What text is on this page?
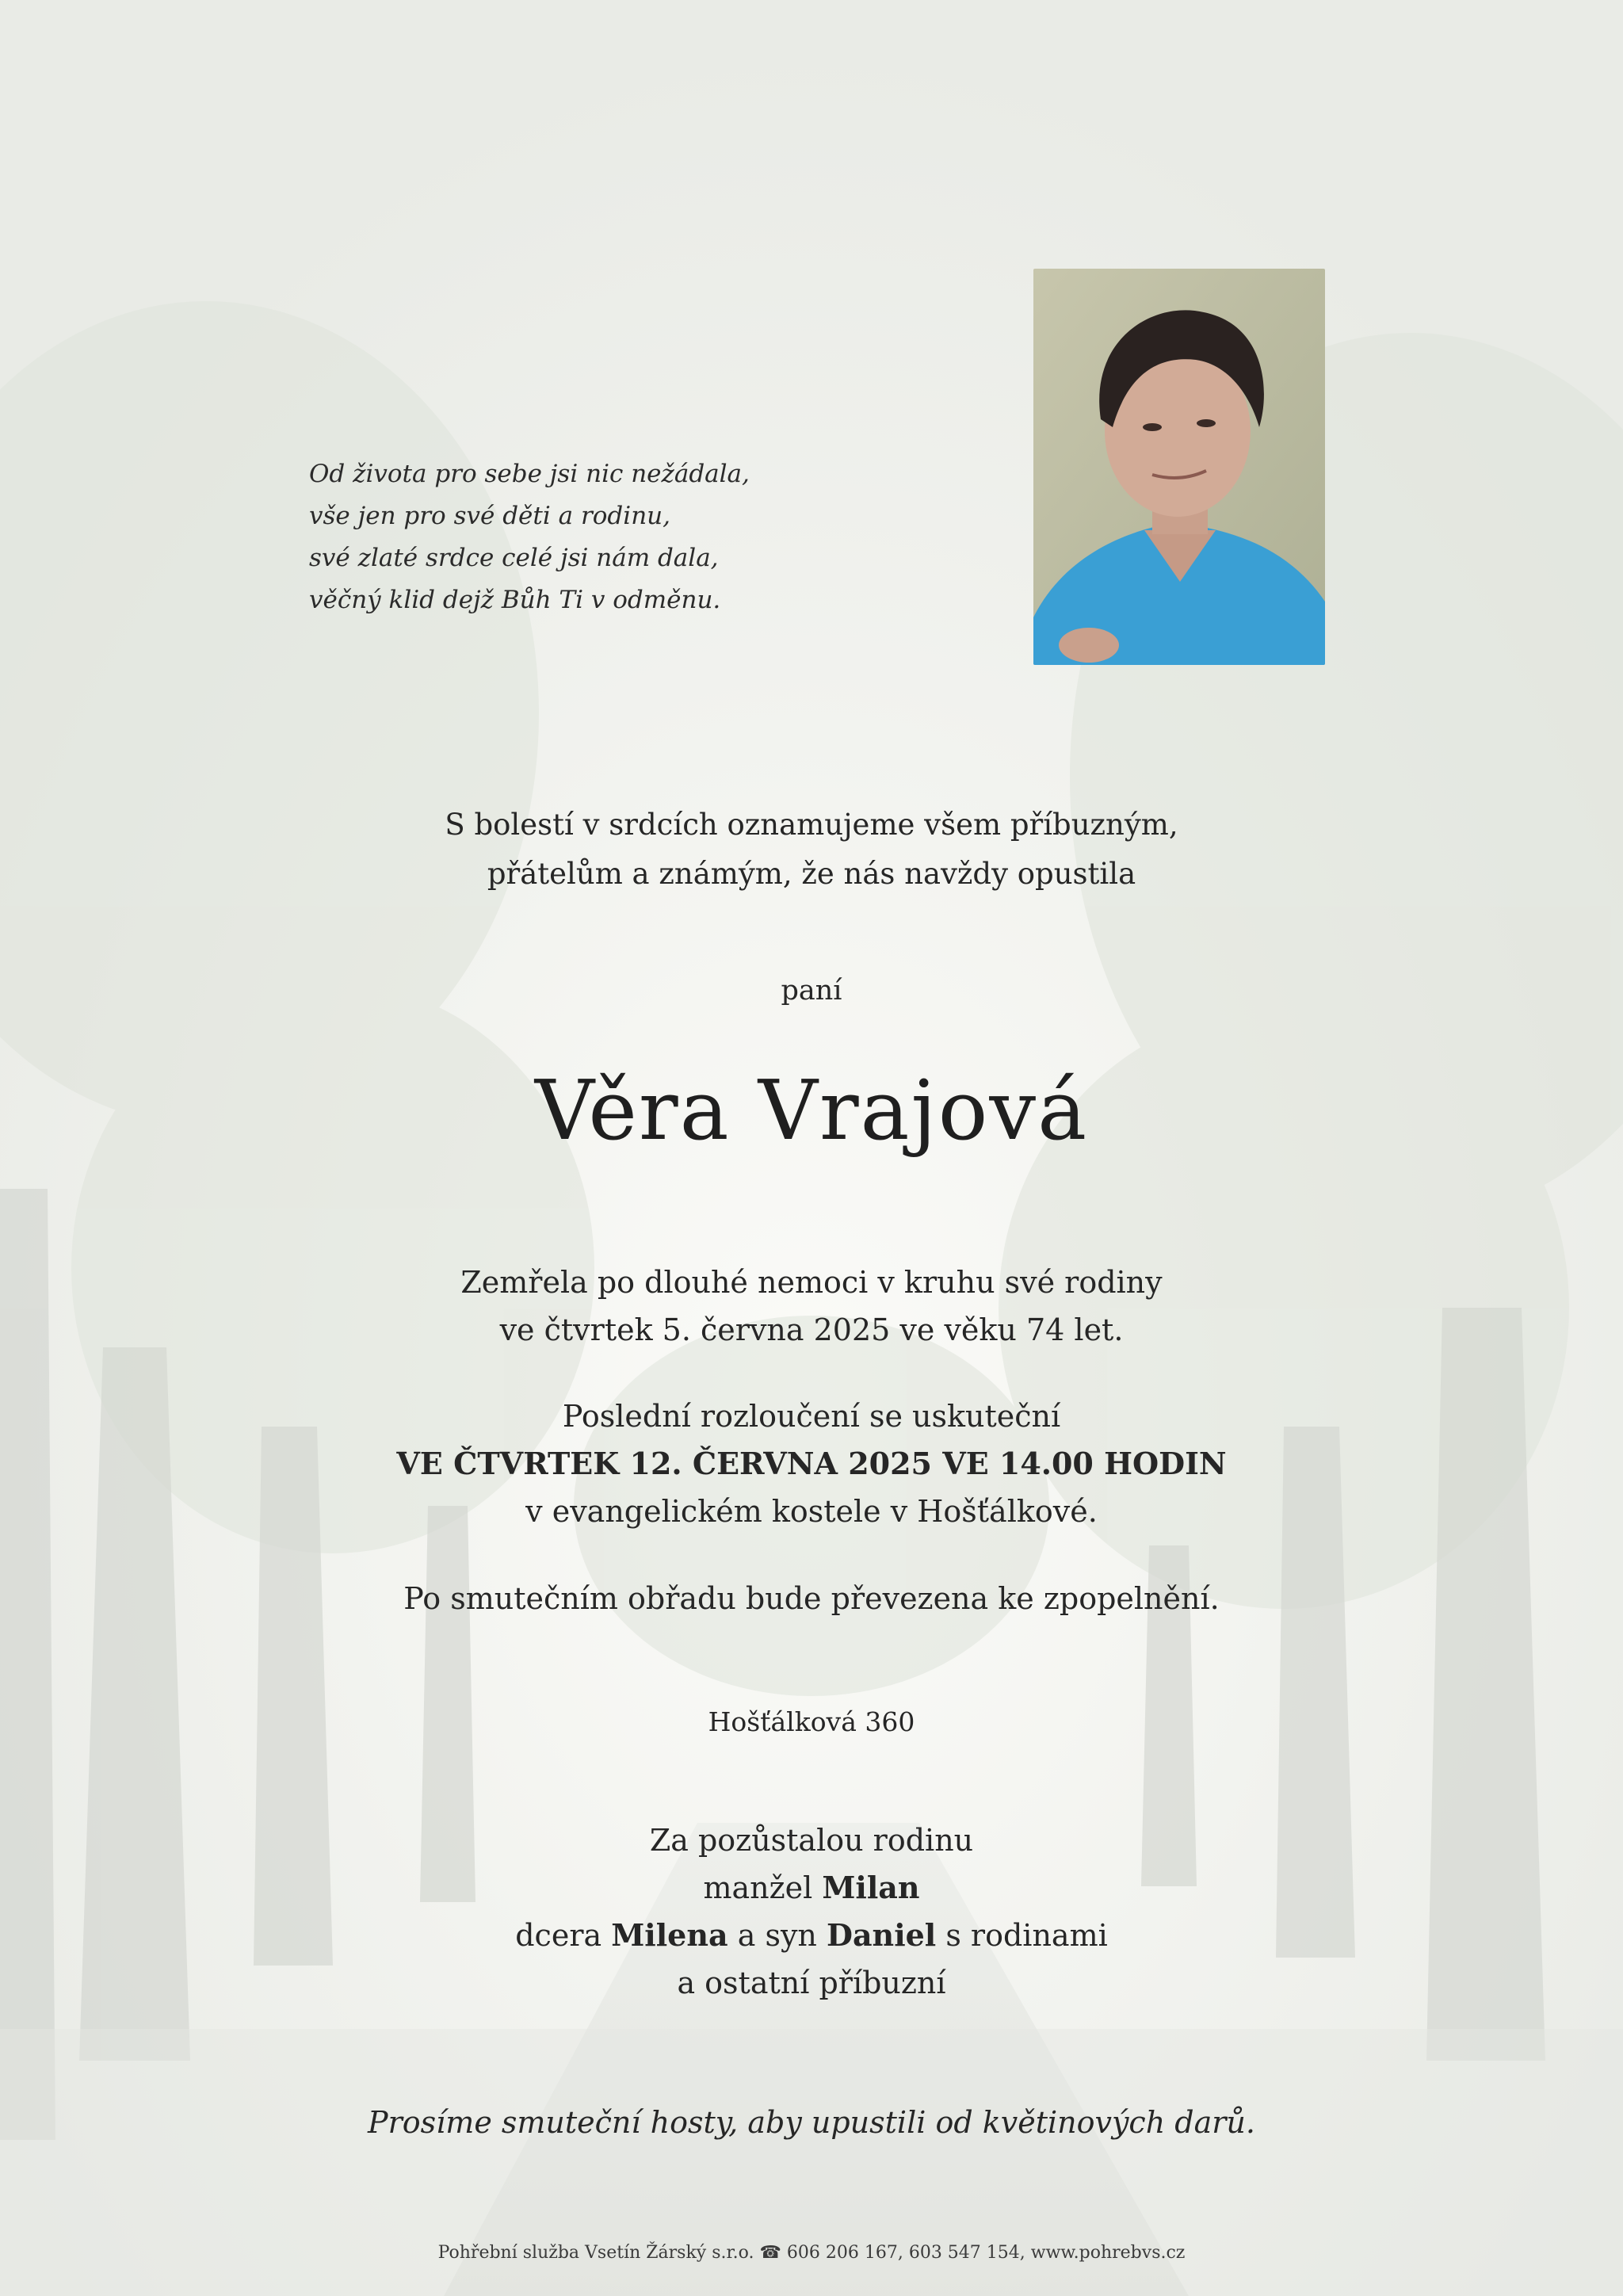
Od života pro sebe jsi nic nežádala,
vše jen pro své děti a rodinu,
své zlaté srdce celé jsi nám dala,
věčný klid dejž Bůh Ti v odměnu.
S bolestí v srdcích oznamujeme všem příbuzným,
přátelům a známým, že nás navždy opustila
paní
Věra Vrajová
Zemřela po dlouhé nemoci v kruhu své rodiny
ve čtvrtek 5. června 2025 ve věku 74 let.
Poslední rozloučení se uskuteční
VE ČTVRTEK 12. ČERVNA 2025 VE 14.00 HODIN
v evangelickém kostele v Hošťálkové.
Po smutečním obřadu bude převezena ke zpopelnění.
Hošťálková 360
Za pozůstalou rodinu
manžel Milan
dcera Milena a syn Daniel s rodinami
a ostatní příbuzní
Prosíme smuteční hosty, aby upustili od květinových darů.
Pohřební služba Vsetín Žárský s.r.o. ☎ 606 206 167, 603 547 154, www.pohrebvs.cz
